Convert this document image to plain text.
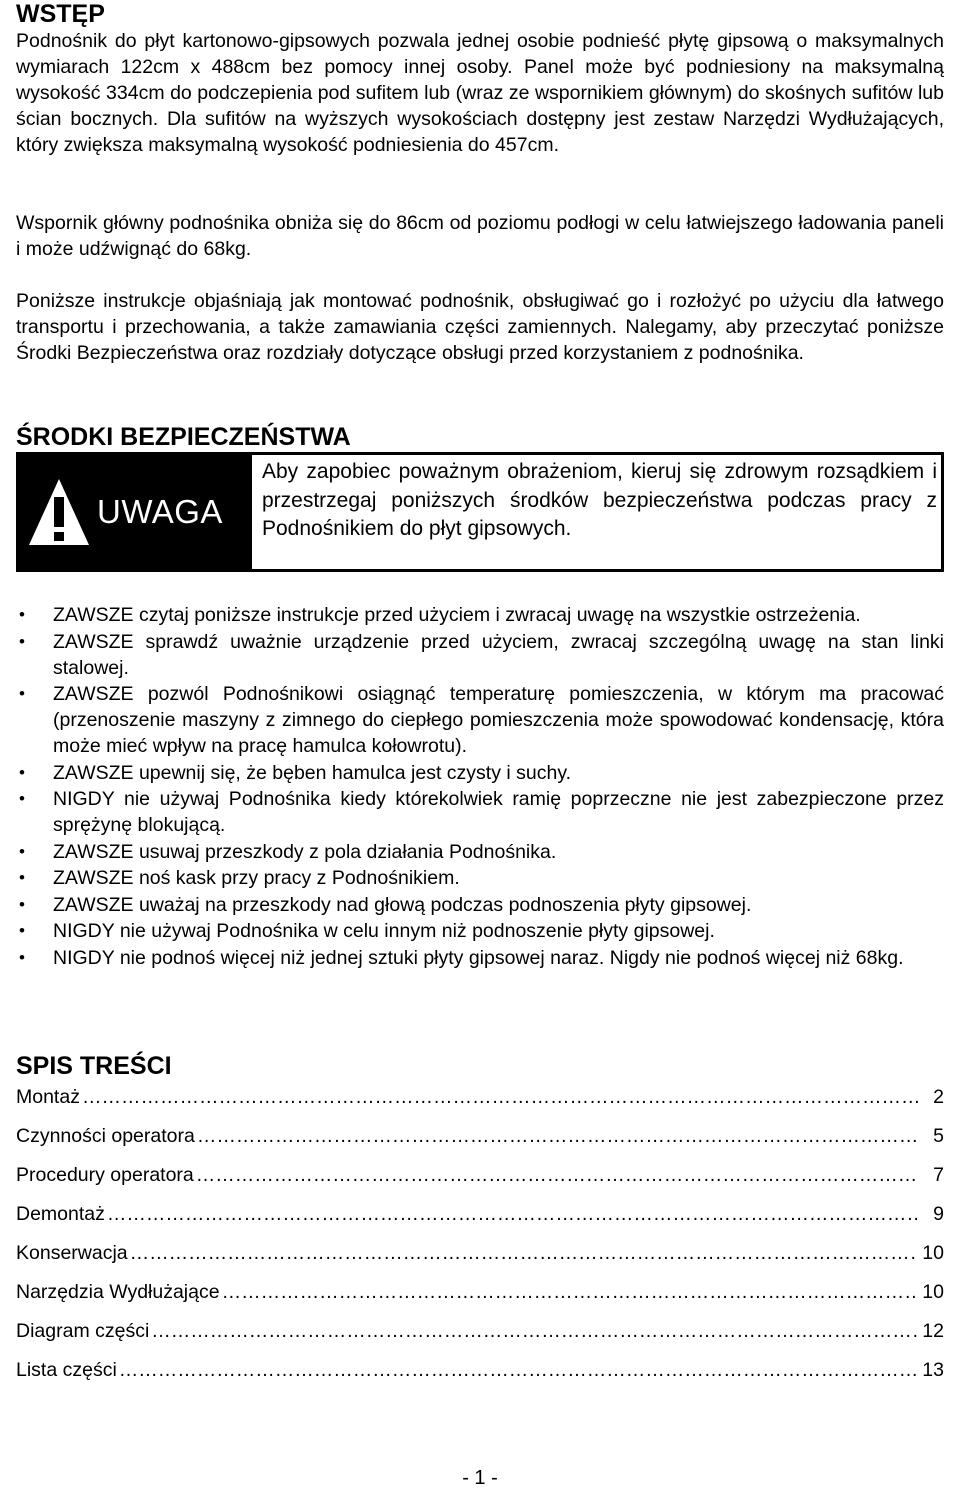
WSTĘP

Podnośnik do płyt kartonowo-gipsowych pozwala jednej osobie podnieść płytę gipsową o maksymalnych wymiarach 122cm x 488cm bez pomocy innej osoby. Panel może być podniesiony na maksymalną wysokość 334cm do podczepienia pod sufitem lub (wraz ze wspornikiem głównym) do skośnych sufitów lub ścian bocznych. Dla sufitów na wyższych wysokościach dostępny jest zestaw Narzędzi Wydłużających, który zwiększa maksymalną wysokość podniesienia do 457cm.

Wspornik główny podnośnika obniża się do 86cm od poziomu podłogi w celu łatwiejszego ładowania paneli i może udźwignąć do 68kg.

Poniższe instrukcje objaśniają jak montować podnośnik, obsługiwać go i rozłożyć po użyciu dla łatwego transportu i przechowania, a także zamawiania części zamiennych. Nalegamy, aby przeczytać poniższe Środki Bezpieczeństwa oraz rozdziały dotyczące obsługi przed korzystaniem z podnośnika.

ŚRODKI BEZPIECZEŃSTWA
UWAGA
Aby zapobiec poważnym obrażeniom, kieruj się zdrowym rozsądkiem i przestrzegaj poniższych środków bezpieczeństwa podczas pracy z Podnośnikiem do płyt gipsowych.
• ZAWSZE czytaj poniższe instrukcje przed użyciem i zwracaj uwagę na wszystkie ostrzeżenia.
• ZAWSZE sprawdź uważnie urządzenie przed użyciem, zwracaj szczególną uwagę na stan linki stalowej.
• ZAWSZE pozwól Podnośnikowi osiągnąć temperaturę pomieszczenia, w którym ma pracować (przenoszenie maszyny z zimnego do ciepłego pomieszczenia może spowodować kondensację, która może mieć wpływ na pracę hamulca kołowrotu).
• ZAWSZE upewnij się, że bęben hamulca jest czysty i suchy.
• NIGDY nie używaj Podnośnika kiedy którekolwiek ramię poprzeczne nie jest zabezpieczone przez sprężynę blokującą.
• ZAWSZE usuwaj przeszkody z pola działania Podnośnika.
• ZAWSZE noś kask przy pracy z Podnośnikiem.
• ZAWSZE uważaj na przeszkody nad głową podczas podnoszenia płyty gipsowej.
• NIGDY nie używaj Podnośnika w celu innym niż podnoszenie płyty gipsowej.
• NIGDY nie podnoś więcej niż jednej sztuki płyty gipsowej naraz. Nigdy nie podnoś więcej niż 68kg.
SPIS TREŚCI
Montaż …………………………………………………………………………………………………………………………………………………………………………………	2
Czynności operatora …………………………………………………………………………………………………………………………………………………………………………………	5
Procedury operatora …………………………………………………………………………………………………………………………………………………………………………………	7
Demontaż …………………………………………………………………………………………………………………………………………………………………………………	9
Konserwacja …………………………………………………………………………………………………………………………………………………………………………………	10
Narzędzia Wydłużające …………………………………………………………………………………………………………………………………………………………………………………	10
Diagram części …………………………………………………………………………………………………………………………………………………………………………………	12
Lista części …………………………………………………………………………………………………………………………………………………………………………………	13
- 1 -
